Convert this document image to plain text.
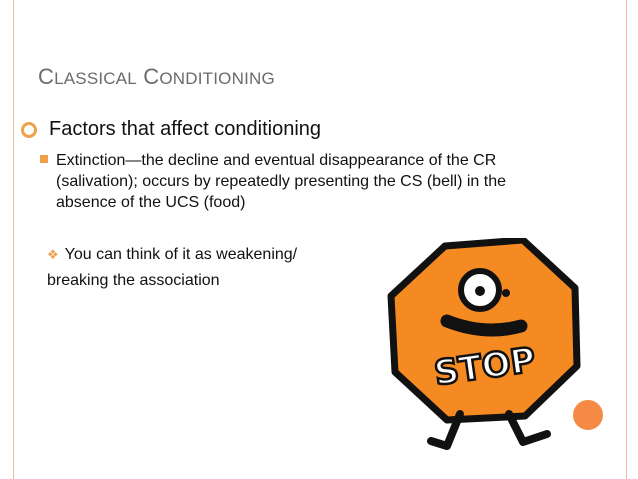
CLASSICAL CONDITIONING
Factors that affect conditioning
Extinction—the decline and eventual disappearance of the CR (salivation); occurs by repeatedly presenting the CS (bell) in the absence of the UCS (food)
❖ You can think of it as weakening/
breaking the association
STOP
